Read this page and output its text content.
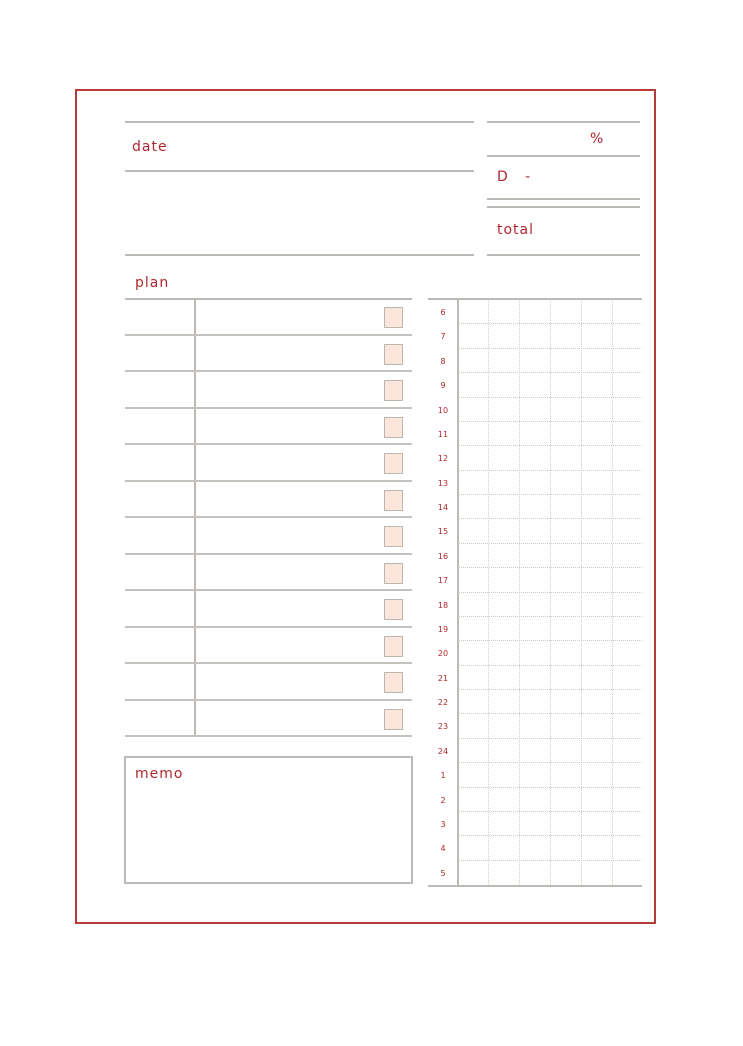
date	%
D   -
total
plan
memo
6
7
8
9
10
11
12
13
14
15
16
17
18
19
20
21
22
23
24
1
2
3
4
5
